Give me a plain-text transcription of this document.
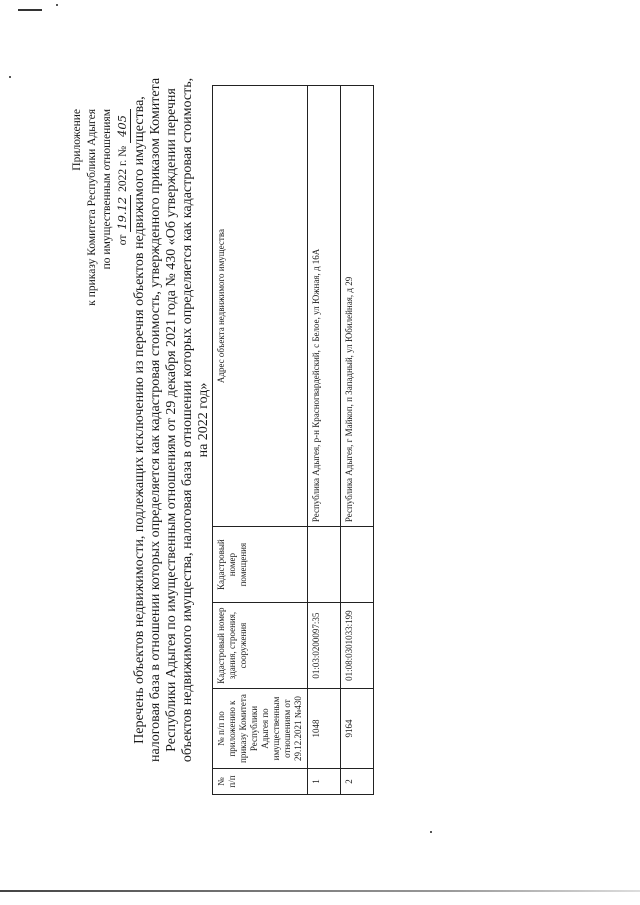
Приложение к приказу Комитета Республики Адыгея по имущественным отношениям от 19.12 2022 г. № 405 Перечень объектов недвижимости, подлежащих исключению из перечня объектов недвижимого имущества, налоговая база в отношении которых определяется как кадастровая стоимость, утвержденного приказом Комитета Республики Адыгея по имущественным отношениям от 29 декабря 2021 года № 430 «Об утверждении перечня объектов недвижимого имущества, налоговая база в отношении которых определяется как кадастровая стоимость, на 2022 год»
№ п/п	№ п/п по приложению к приказу Комитета Республики Адыгея по имущественным отношениям от 29.12.2021 №430	Кадастровый номер здания, строения, сооружения	Кадастровый номер помещения	Адрес объекта недвижимого имущества
1	1048	01:03:0200097:35		Республика Адыгея, р-н Красногвардейский, с Белое, ул Южная, д 16А
2	9164	01:08:0301033:199		Республика Адыгея, г Майкоп, п Западный, ул Юбилейная, д 29
